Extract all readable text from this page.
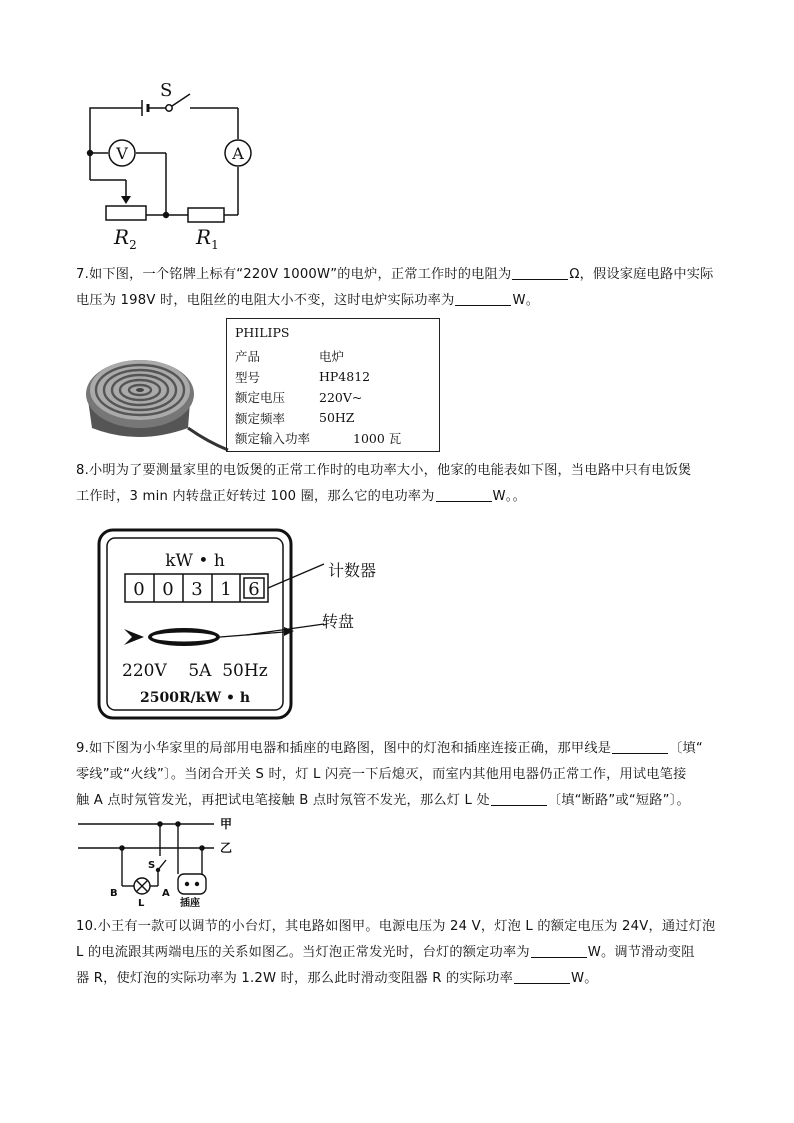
S
V	A
$R_2$	$R_1$
7.如下图，一个铭牌上标有“220V 1000W”的电炉，正常工作时的电阻为	Ω，假设家庭电路中实际
电压为 198V 时，电阻丝的电阻大小不变，这时电炉实际功率为	W。
PHILIPS
产品	电炉
型号	HP4812
额定电压	220V~
额定频率	50HZ
额定输入功率	1000 瓦
8.小明为了要测量家里的电饭煲的正常工作时的电功率大小，他家的电能表如下图，当电路中只有电饭煲
工作时，3 min 内转盘正好转过 100 圈，那么它的电功率为	W。。
kW • h
0 0 3 1 6
计数器
转盘
220V    5A  50Hz
2500R/kW • h
9.如下图为小华家里的局部用电器和插座的电路图，图中的灯泡和插座连接正确，那甲线是	〔填“
零线”或“火线”〕。当闭合开关 S 时，灯 L 闪亮一下后熄灭，而室内其他用电器仍正常工作，用试电笔接
触 A 点时氖管发光，再把试电笔接触 B 点时氖管不发光，那么灯 L 处	〔填“断路”或“短路”〕。
甲
乙
S
B
L
A
插座
10.小王有一款可以调节的小台灯，其电路如图甲。电源电压为 24 V，灯泡 L 的额定电压为 24V，通过灯泡
L 的电流跟其两端电压的关系如图乙。当灯泡正常发光时，台灯的额定功率为	W。调节滑动变阻
器 R，使灯泡的实际功率为 1.2W 时，那么此时滑动变阻器 R 的实际功率	W。
